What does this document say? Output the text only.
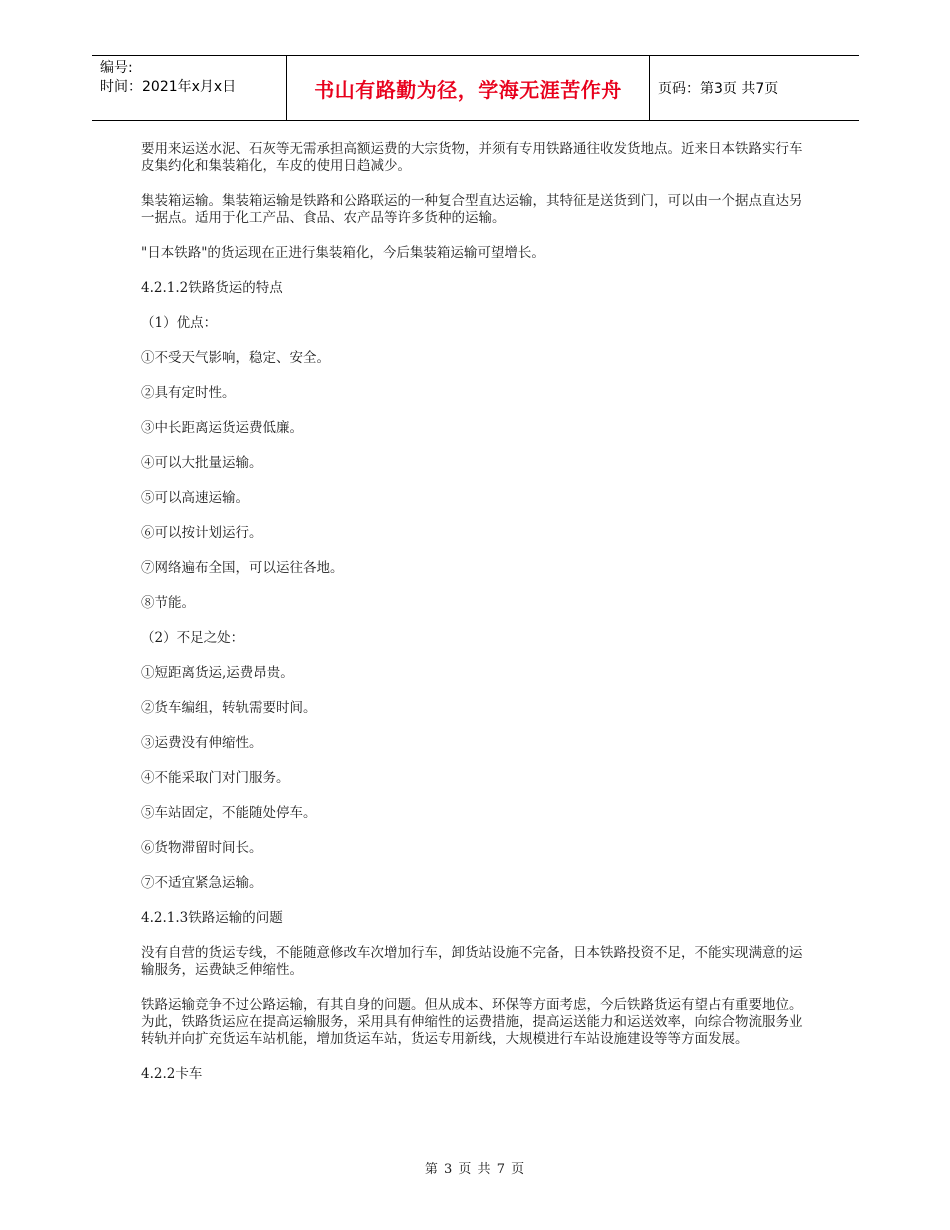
编号:
时间：2021年x月x日	书山有路勤为径，学海无涯苦作舟	页码：第3页 共7页

要用来运送水泥、石灰等无需承担高额运费的大宗货物，并须有专用铁路通往收发货地点。近来日本铁路实行车皮集约化和集装箱化，车皮的使用日趋减少。

集装箱运输。集装箱运输是铁路和公路联运的一种复合型直达运输，其特征是送货到门，可以由一个据点直达另一据点。适用于化工产品、食品、农产品等许多货种的运输。

"日本铁路"的货运现在正进行集装箱化，今后集装箱运输可望增长。

4.2.1.2铁路货运的特点

（1）优点：

①不受天气影响，稳定、安全。

②具有定时性。

③中长距离运货运费低廉。

④可以大批量运输。

⑤可以高速运输。

⑥可以按计划运行。

⑦网络遍布全国，可以运往各地。

⑧节能。

（2）不足之处：

①短距离货运,运费昂贵。

②货车编组，转轨需要时间。

③运费没有伸缩性。

④不能采取门对门服务。

⑤车站固定，不能随处停车。

⑥货物滞留时间长。

⑦不适宜紧急运输。

4.2.1.3铁路运输的问题

没有自营的货运专线，不能随意修改车次增加行车，卸货站设施不完备，日本铁路投资不足，不能实现满意的运输服务，运费缺乏伸缩性。

铁路运输竞争不过公路运输，有其自身的问题。但从成本、环保等方面考虑，今后铁路货运有望占有重要地位。为此，铁路货运应在提高运输服务，采用具有伸缩性的运费措施，提高运送能力和运送效率，向综合物流服务业转轨并向扩充货运车站机能，增加货运车站，货运专用新线，大规模进行车站设施建设等等方面发展。

4.2.2卡车

第 3 页 共 7 页
